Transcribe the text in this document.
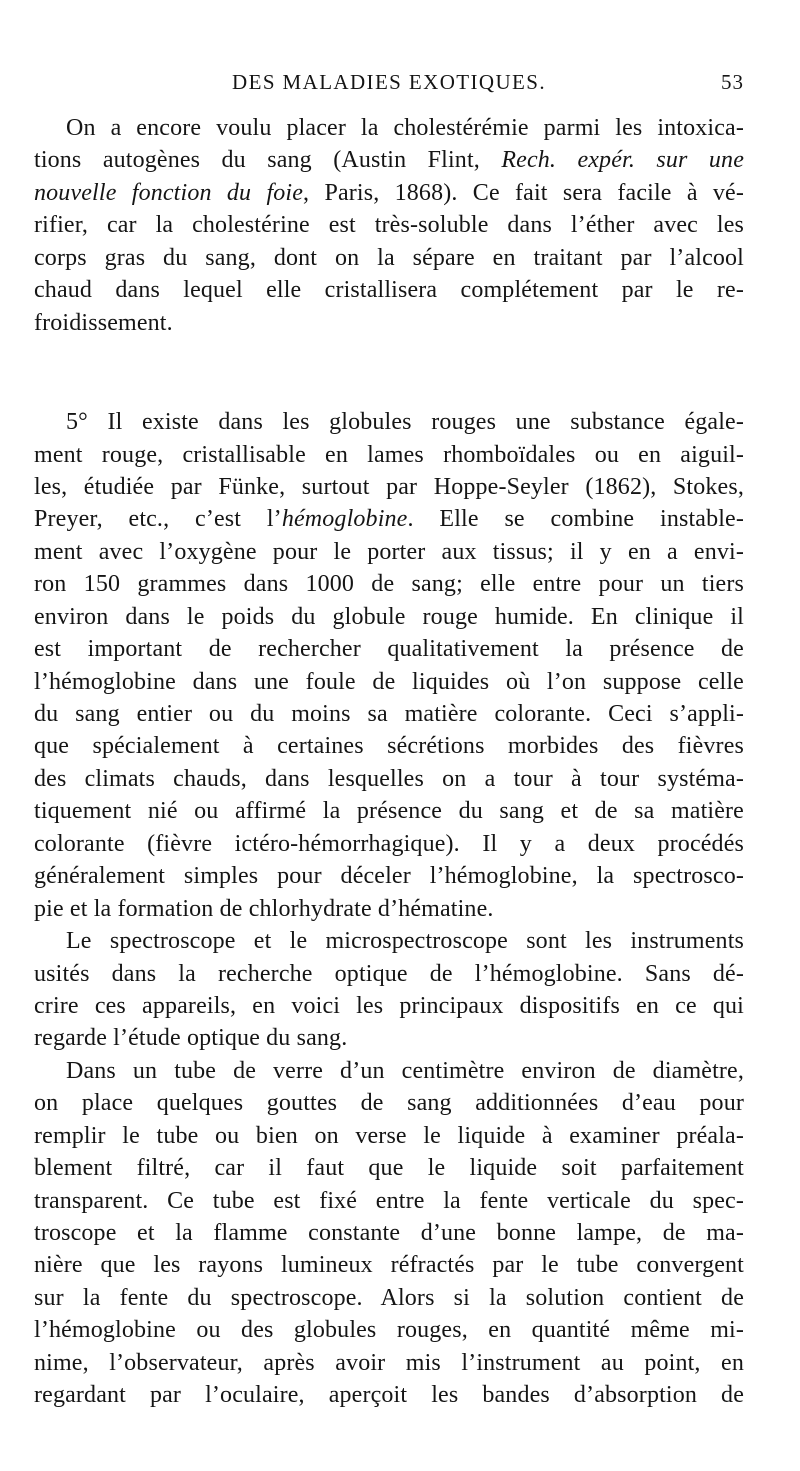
DES MALADIES EXOTIQUES.	53
On a encore voulu placer la cholestérémie parmi les intoxica-
tions autogènes du sang (Austin Flint, Rech. expér. sur une
nouvelle fonction du foie, Paris, 1868). Ce fait sera facile à vé-
rifier, car la cholestérine est très-soluble dans l’éther avec les
corps gras du sang, dont on la sépare en traitant par l’alcool
chaud dans lequel elle cristallisera complétement par le re-
froidissement.
5° Il existe dans les globules rouges une substance égale-
ment rouge, cristallisable en lames rhomboïdales ou en aiguil-
les, étudiée par Fünke, surtout par Hoppe-Seyler (1862), Stokes,
Preyer, etc., c’est l’hémoglobine. Elle se combine instable-
ment avec l’oxygène pour le porter aux tissus; il y en a envi-
ron 150 grammes dans 1000 de sang; elle entre pour un tiers
environ dans le poids du globule rouge humide. En clinique il
est important de rechercher qualitativement la présence de
l’hémoglobine dans une foule de liquides où l’on suppose celle
du sang entier ou du moins sa matière colorante. Ceci s’appli-
que spécialement à certaines sécrétions morbides des fièvres
des climats chauds, dans lesquelles on a tour à tour systéma-
tiquement nié ou affirmé la présence du sang et de sa matière
colorante (fièvre ictéro-hémorrhagique). Il y a deux procédés
généralement simples pour déceler l’hémoglobine, la spectrosco-
pie et la formation de chlorhydrate d’hématine.
Le spectroscope et le microspectroscope sont les instruments
usités dans la recherche optique de l’hémoglobine. Sans dé-
crire ces appareils, en voici les principaux dispositifs en ce qui
regarde l’étude optique du sang.
Dans un tube de verre d’un centimètre environ de diamètre,
on place quelques gouttes de sang additionnées d’eau pour
remplir le tube ou bien on verse le liquide à examiner préala-
blement filtré, car il faut que le liquide soit parfaitement
transparent. Ce tube est fixé entre la fente verticale du spec-
troscope et la flamme constante d’une bonne lampe, de ma-
nière que les rayons lumineux réfractés par le tube convergent
sur la fente du spectroscope. Alors si la solution contient de
l’hémoglobine ou des globules rouges, en quantité même mi-
nime, l’observateur, après avoir mis l’instrument au point, en
regardant par l’oculaire, aperçoit les bandes d’absorption de
